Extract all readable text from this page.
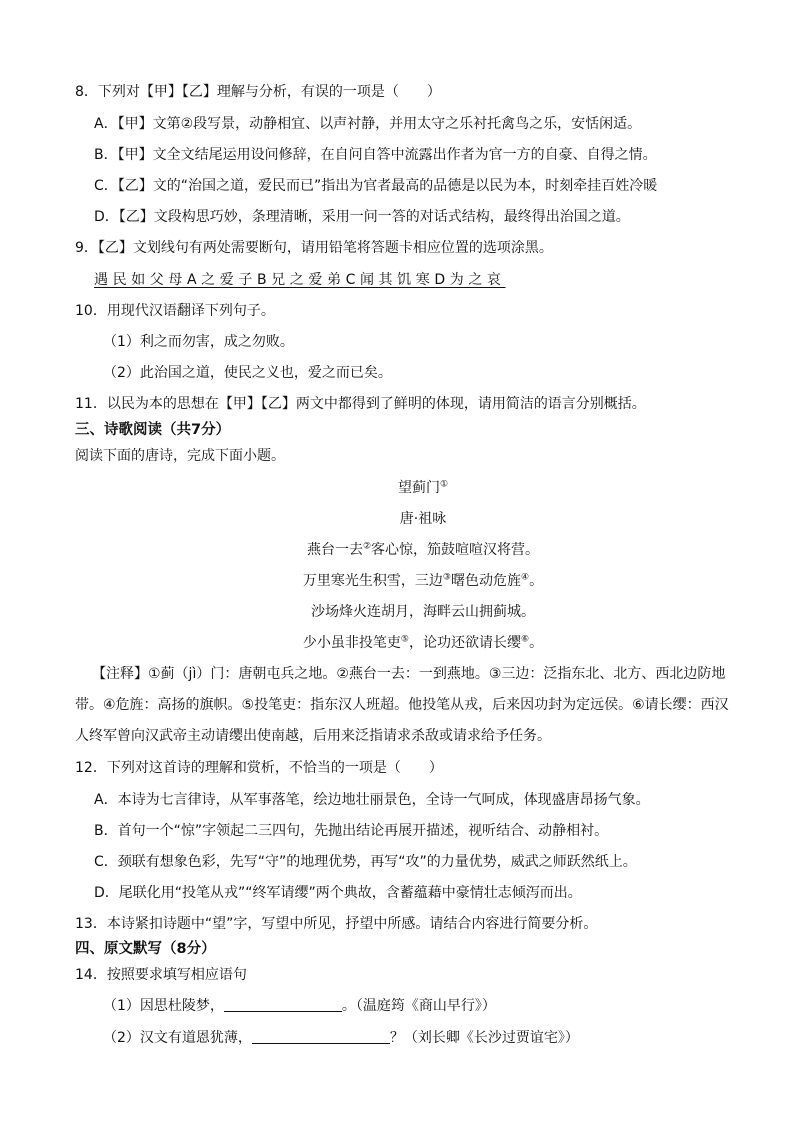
8．下列对【甲】【乙】理解与分析，有误的一项是（　　）
A．【甲】文第②段写景，动静相宜、以声衬静，并用太守之乐衬托禽鸟之乐，安恬闲适。
B．【甲】文全文结尾运用设问修辞，在自问自答中流露出作者为官一方的自豪、自得之情。
C．【乙】文的“治国之道，爱民而已”指出为官者最高的品德是以民为本，时刻牵挂百姓冷暖
D．【乙】文段构思巧妙，条理清晰，采用一问一答的对话式结构，最终得出治国之道。
9．【乙】文划线句有两处需要断句，请用铅笔将答题卡相应位置的选项涂黑。
遇民如父母A之爱子B兄之爱弟C闻其饥寒D为之哀
10．用现代汉语翻译下列句子。
（1）利之而勿害，成之勿败。
（2）此治国之道，使民之义也，爱之而已矣。
11．以民为本的思想在【甲】【乙】两文中都得到了鲜明的体现，请用简洁的语言分别概括。
三、诗歌阅读（共7分）
阅读下面的唐诗，完成下面小题。
望蓟门①
唐·祖咏
燕台一去②客心惊，笳鼓喧喧汉将营。
万里寒光生积雪，三边③曙色动危旌④。
沙场烽火连胡月，海畔云山拥蓟城。
少小虽非投笔吏⑤，论功还欲请长缨⑥。
【注释】①蓟（jì）门：唐朝屯兵之地。②燕台一去：一到燕地。③三边：泛指东北、北方、西北边防地带。④危旌：高扬的旗帜。⑤投笔吏：指东汉人班超。他投笔从戎，后来因功封为定远侯。⑥请长缨：西汉人终军曾向汉武帝主动请缨出使南越，后用来泛指请求杀敌或请求给予任务。
12．下列对这首诗的理解和赏析，不恰当的一项是（　　）
A．本诗为七言律诗，从军事落笔，绘边地壮丽景色，全诗一气呵成，体现盛唐昂扬气象。
B．首句一个“惊”字领起二三四句，先抛出结论再展开描述，视听结合、动静相衬。
C．颈联有想象色彩，先写“守”的地理优势，再写“攻”的力量优势，威武之师跃然纸上。
D．尾联化用“投笔从戎”“终军请缨”两个典故，含蓄蕴藉中豪情壮志倾泻而出。
13．本诗紧扣诗题中“望”字，写望中所见，抒望中所感。请结合内容进行简要分析。
四、原文默写（8分）
14．按照要求填写相应语句
（1）因思杜陵梦，	。（温庭筠《商山早行》）
（2）汉文有道恩犹薄，	？（刘长卿《长沙过贾谊宅》）
